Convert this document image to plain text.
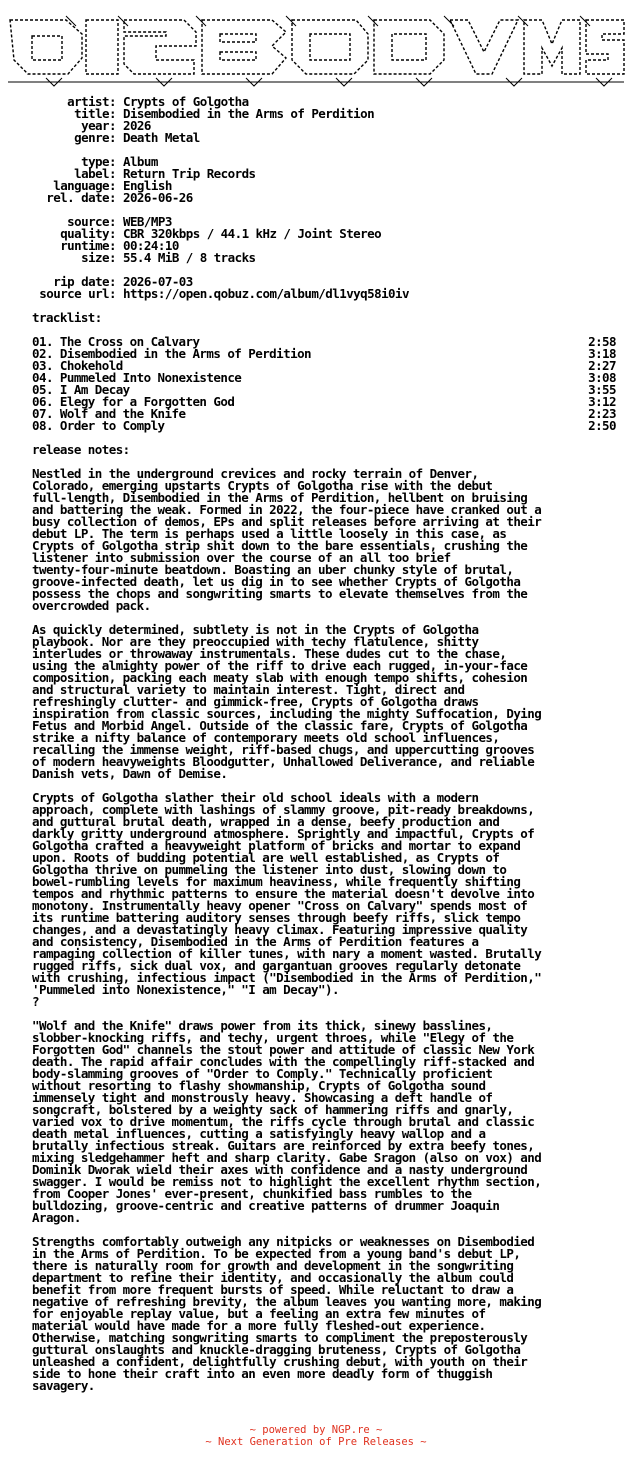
artist: Crypts of Golgotha
title: Disembodied in the Arms of Perdition
year: 2026
genre: Death Metal

type: Album
label: Return Trip Records
language: English
rel. date: 2026-06-26

source: WEB/MP3
quality: CBR 320kbps / 44.1 kHz / Joint Stereo
runtime: 00:24:10
size: 55.4 MiB / 8 tracks

rip date: 2026-07-03
source url: https://open.qobuz.com/album/dl1vyq58i0iv
tracklist:
01. The Cross on Calvary	2:58
02. Disembodied in the Arms of Perdition	3:18
03. Chokehold	2:27
04. Pummeled Into Nonexistence	3:08
05. I Am Decay	3:55
06. Elegy for a Forgotten God	3:12
07. Wolf and the Knife	2:23
08. Order to Comply	2:50
release notes:
Nestled in the underground crevices and rocky terrain of Denver,
Colorado, emerging upstarts Crypts of Golgotha rise with the debut
full-length, Disembodied in the Arms of Perdition, hellbent on bruising
and battering the weak. Formed in 2022, the four-piece have cranked out a
busy collection of demos, EPs and split releases before arriving at their
debut LP. The term is perhaps used a little loosely in this case, as
Crypts of Golgotha strip shit down to the bare essentials, crushing the
listener into submission over the course of an all too brief
twenty-four-minute beatdown. Boasting an uber chunky style of brutal,
groove-infected death, let us dig in to see whether Crypts of Golgotha
possess the chops and songwriting smarts to elevate themselves from the
overcrowded pack.
As quickly determined, subtlety is not in the Crypts of Golgotha
playbook. Nor are they preoccupied with techy flatulence, shitty
interludes or throwaway instrumentals. These dudes cut to the chase,
using the almighty power of the riff to drive each rugged, in-your-face
composition, packing each meaty slab with enough tempo shifts, cohesion
and structural variety to maintain interest. Tight, direct and
refreshingly clutter- and gimmick-free, Crypts of Golgotha draws
inspiration from classic sources, including the mighty Suffocation, Dying
Fetus and Morbid Angel. Outside of the classic fare, Crypts of Golgotha
strike a nifty balance of contemporary meets old school influences,
recalling the immense weight, riff-based chugs, and uppercutting grooves
of modern heavyweights Bloodgutter, Unhallowed Deliverance, and reliable
Danish vets, Dawn of Demise.
Crypts of Golgotha slather their old school ideals with a modern
approach, complete with lashings of slammy groove, pit-ready breakdowns,
and guttural brutal death, wrapped in a dense, beefy production and
darkly gritty underground atmosphere. Sprightly and impactful, Crypts of
Golgotha crafted a heavyweight platform of bricks and mortar to expand
upon. Roots of budding potential are well established, as Crypts of
Golgotha thrive on pummeling the listener into dust, slowing down to
bowel-rumbling levels for maximum heaviness, while frequently shifting
tempos and rhythmic patterns to ensure the material doesn't devolve into
monotony. Instrumentally heavy opener "Cross on Calvary" spends most of
its runtime battering auditory senses through beefy riffs, slick tempo
changes, and a devastatingly heavy climax. Featuring impressive quality
and consistency, Disembodied in the Arms of Perdition features a
rampaging collection of killer tunes, with nary a moment wasted. Brutally
rugged riffs, sick dual vox, and gargantuan grooves regularly detonate
with crushing, infectious impact ("Disembodied in the Arms of Perdition,"
'Pummeled into Nonexistence," "I am Decay").
?
"Wolf and the Knife" draws power from its thick, sinewy basslines,
slobber-knocking riffs, and techy, urgent throes, while "Elegy of the
Forgotten God" channels the stout power and attitude of classic New York
death. The rapid affair concludes with the compellingly riff-stacked and
body-slamming grooves of "Order to Comply." Technically proficient
without resorting to flashy showmanship, Crypts of Golgotha sound
immensely tight and monstrously heavy. Showcasing a deft handle of
songcraft, bolstered by a weighty sack of hammering riffs and gnarly,
varied vox to drive momentum, the riffs cycle through brutal and classic
death metal influences, cutting a satisfyingly heavy wallop and a
brutally infectious streak. Guitars are reinforced by extra beefy tones,
mixing sledgehammer heft and sharp clarity. Gabe Sragon (also on vox) and
Dominik Dworak wield their axes with confidence and a nasty underground
swagger. I would be remiss not to highlight the excellent rhythm section,
from Cooper Jones' ever-present, chunkified bass rumbles to the
bulldozing, groove-centric and creative patterns of drummer Joaquin
Aragon.
Strengths comfortably outweigh any nitpicks or weaknesses on Disembodied
in the Arms of Perdition. To be expected from a young band's debut LP,
there is naturally room for growth and development in the songwriting
department to refine their identity, and occasionally the album could
benefit from more frequent bursts of speed. While reluctant to draw a
negative of refreshing brevity, the album leaves you wanting more, making
for enjoyable replay value, but a feeling an extra few minutes of
material would have made for a more fully fleshed-out experience.
Otherwise, matching songwriting smarts to compliment the preposterously
guttural onslaughts and knuckle-dragging bruteness, Crypts of Golgotha
unleashed a confident, delightfully crushing debut, with youth on their
side to hone their craft into an even more deadly form of thuggish
savagery.
~ powered by NGP.re ~
~ Next Generation of Pre Releases ~
